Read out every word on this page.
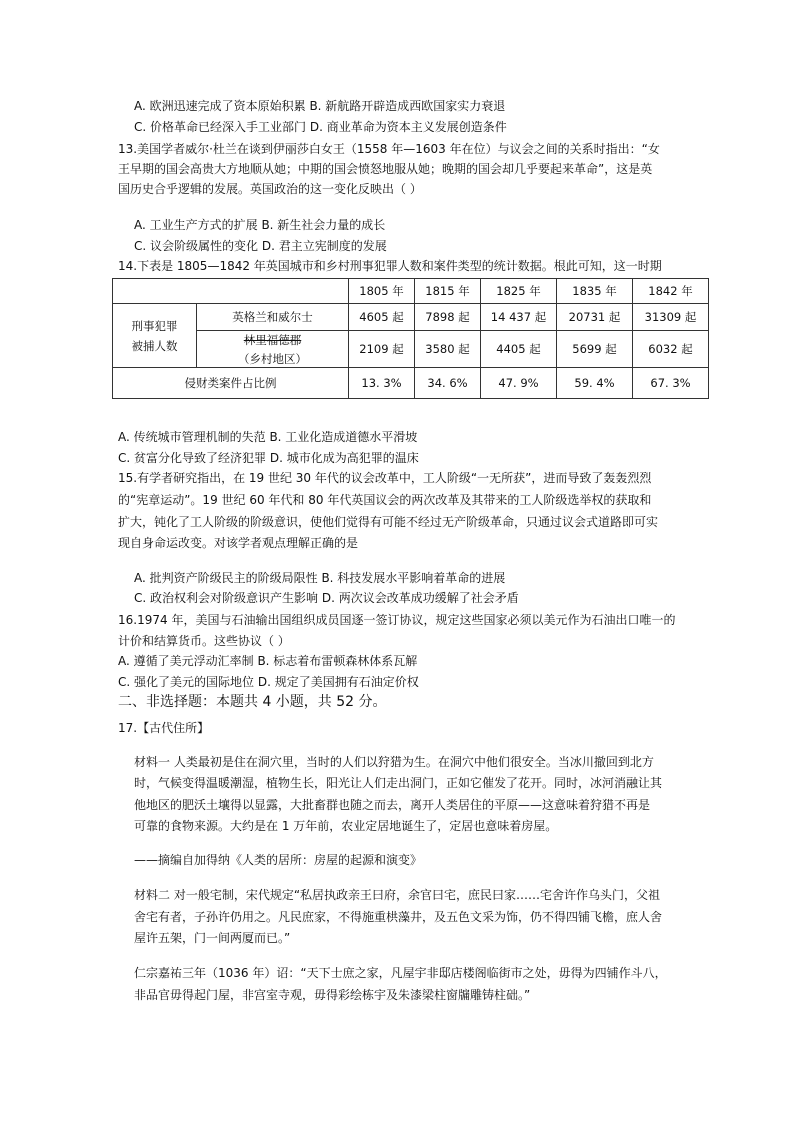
A. 欧洲迅速完成了资本原始积累 B. 新航路开辟造成西欧国家实力衰退
C. 价格革命已经深入手工业部门 D. 商业革命为资本主义发展创造条件
13.美国学者威尔·杜兰在谈到伊丽莎白女王（1558 年—1603 年在位）与议会之间的关系时指出：“女
王早期的国会高贵大方地顺从她；中期的国会愤怒地服从她；晚期的国会却几乎要起来革命”，这是英
国历史合乎逻辑的发展。英国政治的这一变化反映出（ ）
A. 工业生产方式的扩展 B. 新生社会力量的成长
C. 议会阶级属性的变化 D. 君主立宪制度的发展
14.下表是 1805—1842 年英国城市和乡村刑事犯罪人数和案件类型的统计数据。根此可知，这一时期
		1805 年	1815 年	1825 年	1835 年	1842 年

刑事犯罪
被捕人数	英格兰和威尔士	4605 起	7898 起	14 437 起	20731 起	31309 起

	林里福德郡
（乡村地区）	2109 起	3580 起	4405 起	5699 起	6032 起
侵财类案件占比例		13. 3%	34. 6%	47. 9%	59. 4%	67. 3%
A. 传统城市管理机制的失范 B. 工业化造成道德水平滑坡
C. 贫富分化导致了经济犯罪 D. 城市化成为高犯罪的温床
15.有学者研究指出，在 19 世纪 30 年代的议会改革中，工人阶级“一无所获”，进而导致了轰轰烈烈
的“宪章运动”。19 世纪 60 年代和 80 年代英国议会的两次改革及其带来的工人阶级选举权的获取和
扩大，钝化了工人阶级的阶级意识，使他们觉得有可能不经过无产阶级革命，只通过议会式道路即可实
现自身命运改变。对该学者观点理解正确的是
A. 批判资产阶级民主的阶级局限性 B. 科技发展水平影响着革命的进展
C. 政治权利会对阶级意识产生影响 D. 两次议会改革成功缓解了社会矛盾
16.1974 年，美国与石油输出国组织成员国逐一签订协议，规定这些国家必须以美元作为石油出口唯一的
计价和结算货币。这些协议（ ）
A. 遵循了美元浮动汇率制 B. 标志着布雷顿森林体系瓦解
C. 强化了美元的国际地位 D. 规定了美国拥有石油定价权
二、非选择题：本题共 4 小题，共 52 分。
17.【古代住所】
材料一 人类最初是住在洞穴里，当时的人们以狩猎为生。在洞穴中他们很安全。当冰川撤回到北方
时，气候变得温暖潮湿，植物生长，阳光让人们走出洞门，正如它催发了花开。同时，冰河消融让其
他地区的肥沃土壤得以显露，大批畜群也随之而去，离开人类居住的平原——这意味着狩猎不再是
可靠的食物来源。大约是在 1 万年前，农业定居地诞生了，定居也意味着房屋。
——摘编自加得纳《人类的居所：房屋的起源和演变》
材料二 对一般宅制，宋代规定“私居执政亲王曰府，余官曰宅，庶民曰家……宅舍许作乌头门，父祖
舍宅有者，子孙许仍用之。凡民庶家，不得施重栱藻井，及五色文采为饰，仍不得四铺飞檐，庶人舍
屋许五架，门一间两厦而已。”
仁宗嘉祐三年（1036 年）诏：“天下士庶之家，凡屋宇非邸店楼阁临街市之处，毋得为四铺作斗八，
非品官毋得起门屋，非宫室寺观，毋得彩绘栋宇及朱漆梁柱窗牖雕铸柱础。”
